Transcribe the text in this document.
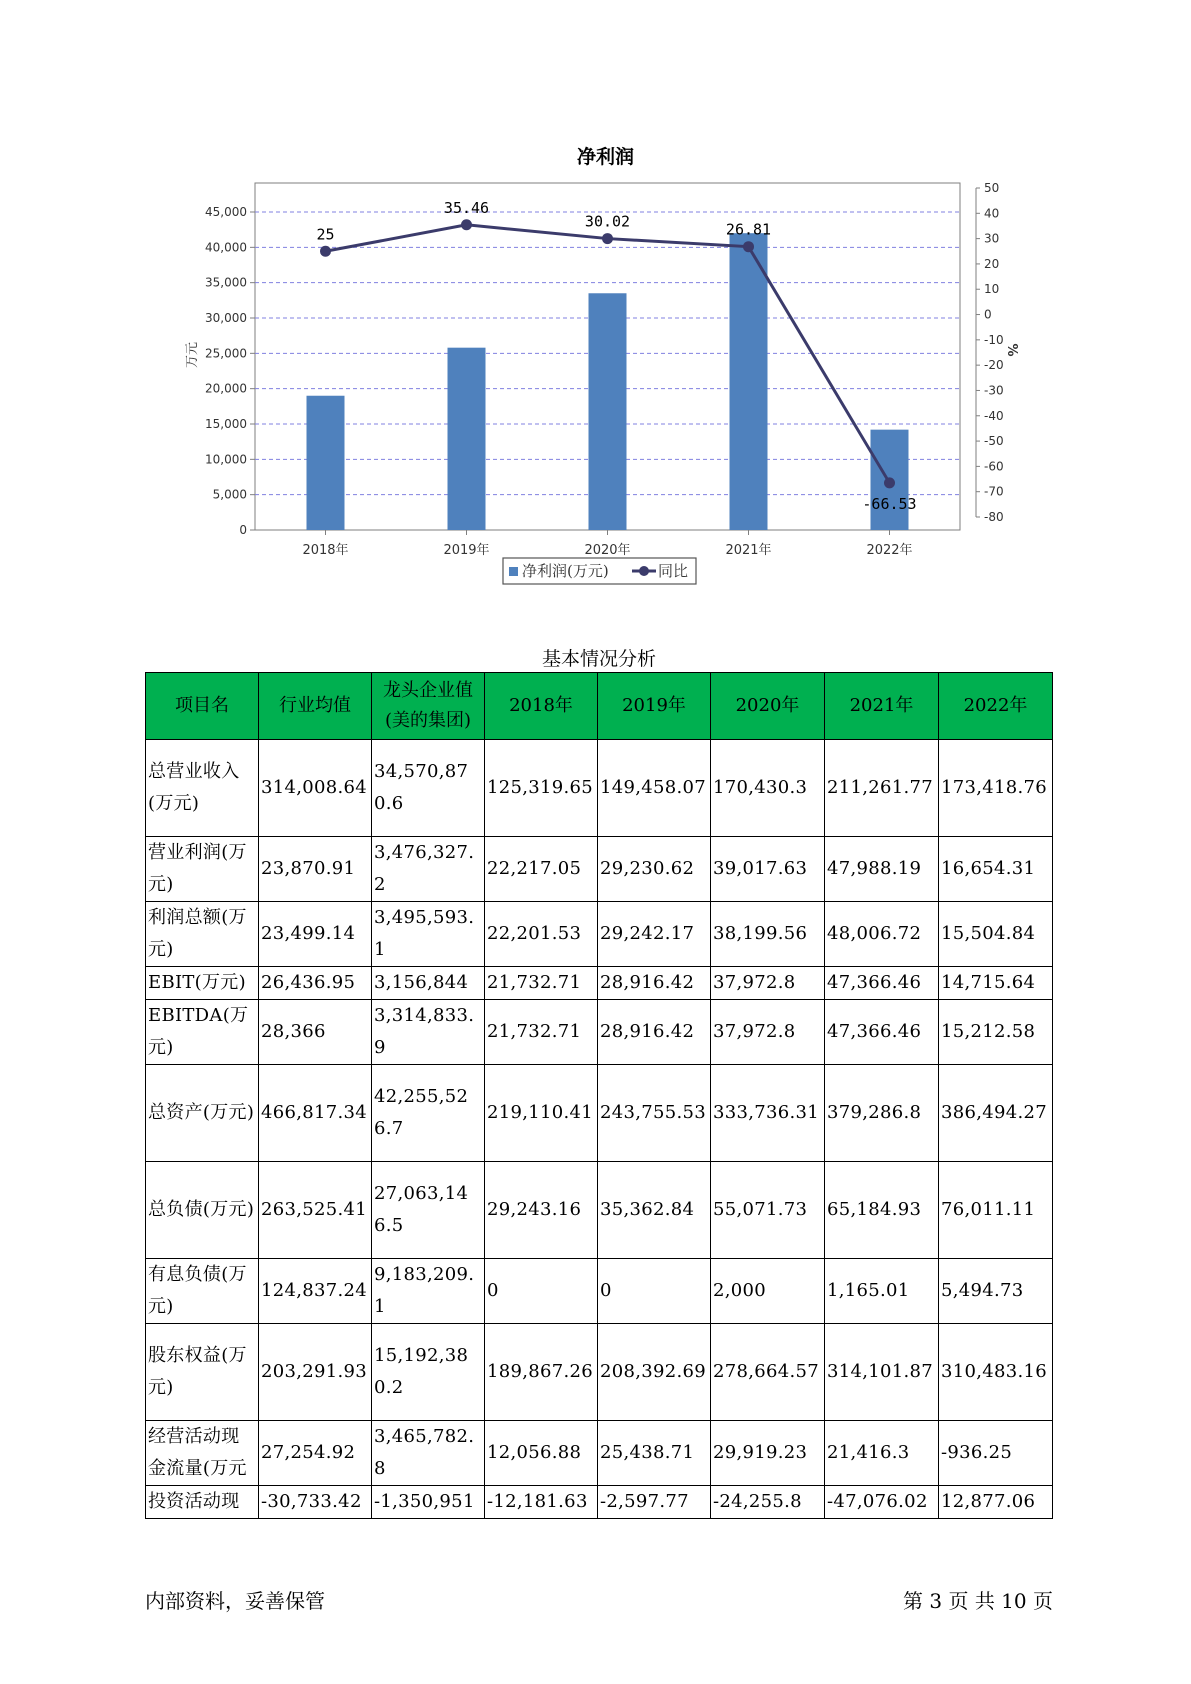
净利润
0
5,000
10,000
15,000
20,000
25,000
30,000
35,000
40,000
45,000
万元
50
40
30
20
10
0
-10
-20
-30
-40
-50
-60
-70
-80
%
2018年	2019年	2020年	2021年	2022年
25
35.46
30.02	26.81
-66.53
净利润(万元)	同比
基本情况分析
项目名	行业均值	龙头企业值(美的集团)	2018年	2019年	2020年	2021年	2022年
总营业收入(万元)	314,008.64	34,570,870.6	125,319.65	149,458.07	170,430.3	211,261.77	173,418.76
营业利润(万元)	23,870.91	3,476,327.2	22,217.05	29,230.62	39,017.63	47,988.19	16,654.31
利润总额(万元)	23,499.14	3,495,593.1	22,201.53	29,242.17	38,199.56	48,006.72	15,504.84
EBIT(万元)	26,436.95	3,156,844	21,732.71	28,916.42	37,972.8	47,366.46	14,715.64
EBITDA(万元)	28,366	3,314,833.9	21,732.71	28,916.42	37,972.8	47,366.46	15,212.58
总资产(万元)	466,817.34	42,255,526.7	219,110.41	243,755.53	333,736.31	379,286.8	386,494.27
总负债(万元)	263,525.41	27,063,146.5	29,243.16	35,362.84	55,071.73	65,184.93	76,011.11
有息负债(万元)	124,837.24	9,183,209.1	0	0	2,000	1,165.01	5,494.73
股东权益(万元)	203,291.93	15,192,380.2	189,867.26	208,392.69	278,664.57	314,101.87	310,483.16
经营活动现金流量(万元	27,254.92	3,465,782.8	12,056.88	25,438.71	29,919.23	21,416.3	-936.25
投资活动现	-30,733.42	-1,350,951	-12,181.63	-2,597.77	-24,255.8	-47,076.02	12,877.06
内部资料，妥善保管	第 3 页 共 10 页
